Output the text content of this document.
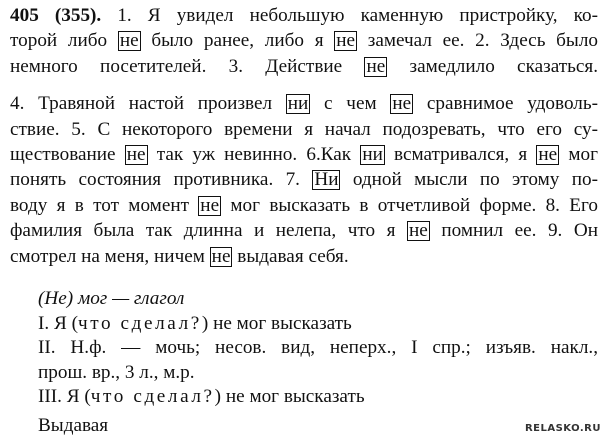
405 (355). 1. Я увидел небольшую каменную пристройку, ко-
торой либо не было ранее, либо я не замечал ее. 2. Здесь было
немного посетителей. 3. Действие не замедлило сказаться.
4. Травяной настой произвел ни с чем не сравнимое удоволь-
ствие. 5. С некоторого времени я начал подозревать, что его су-
ществование не так уж невинно. 6.Как ни всматривался, я не мог
понять состояния противника. 7. Ни одной мысли по этому по-
воду я в тот момент не мог высказать в отчетливой форме. 8. Его
фамилия была так длинна и нелепа, что я не помнил ее. 9. Он
смотрел на меня, ничем не выдавая себя.
(Не) мог — глагол
I. Я (что сделал?) не мог высказать
II. Н.ф. — мочь; несов. вид, неперх., I спр.; изъяв. накл.,
прош. вр., 3 л., м.р.
III. Я (что сделал?) не мог высказать
Выдавая	RELASKO.RU
